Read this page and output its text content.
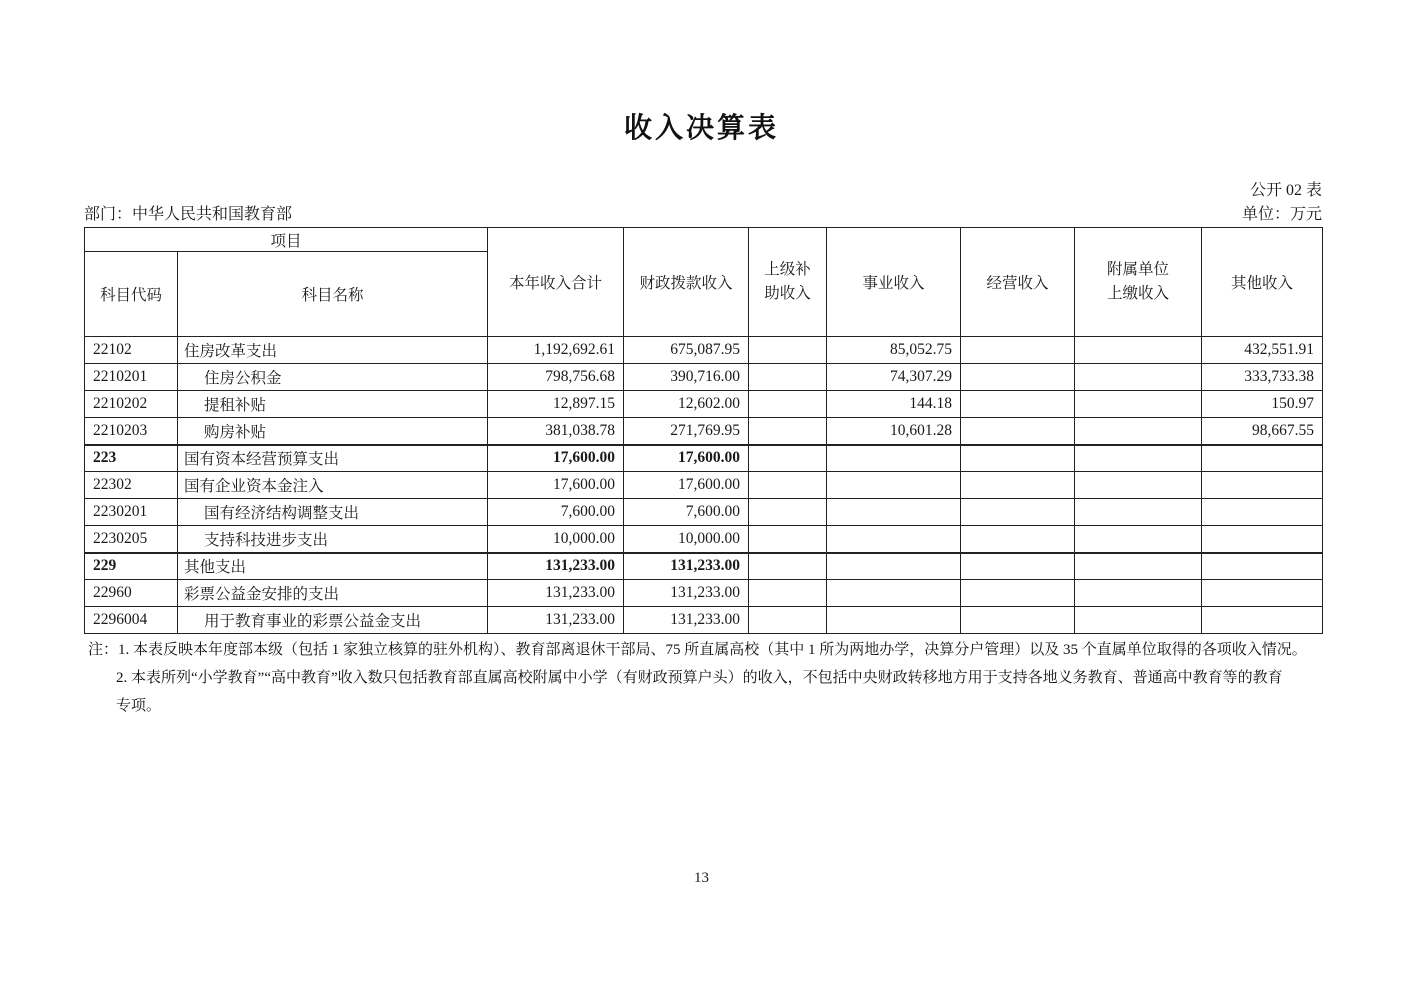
收入决算表
公开 02 表
部门：中华人民共和国教育部	单位：万元
项目		本年收入合计	财政拨款收入	上级补助收入	事业收入	经营收入	附属单位上缴收入	其他收入
科目代码	科目名称							
22102	住房改革支出	1,192,692.61	675,087.95		85,052.75			432,551.91
2210201	住房公积金	798,756.68	390,716.00		74,307.29			333,733.38
2210202	提租补贴	12,897.15	12,602.00		144.18			150.97
2210203	购房补贴	381,038.78	271,769.95		10,601.28			98,667.55
223	国有资本经营预算支出	17,600.00	17,600.00					
22302	国有企业资本金注入	17,600.00	17,600.00					
2230201	国有经济结构调整支出	7,600.00	7,600.00					
2230205	支持科技进步支出	10,000.00	10,000.00					
229	其他支出	131,233.00	131,233.00					
22960	彩票公益金安排的支出	131,233.00	131,233.00					
2296004	用于教育事业的彩票公益金支出	131,233.00	131,233.00					
注：1. 本表反映本年度部本级（包括 1 家独立核算的驻外机构）、教育部离退休干部局、75 所直属高校（其中 1 所为两地办学，决算分户管理）以及 35 个直属单位取得的各项收入情况。
2. 本表所列“小学教育”“高中教育”收入数只包括教育部直属高校附属中小学（有财政预算户头）的收入，不包括中央财政转移地方用于支持各地义务教育、普通高中教育等的教育
专项。
13
